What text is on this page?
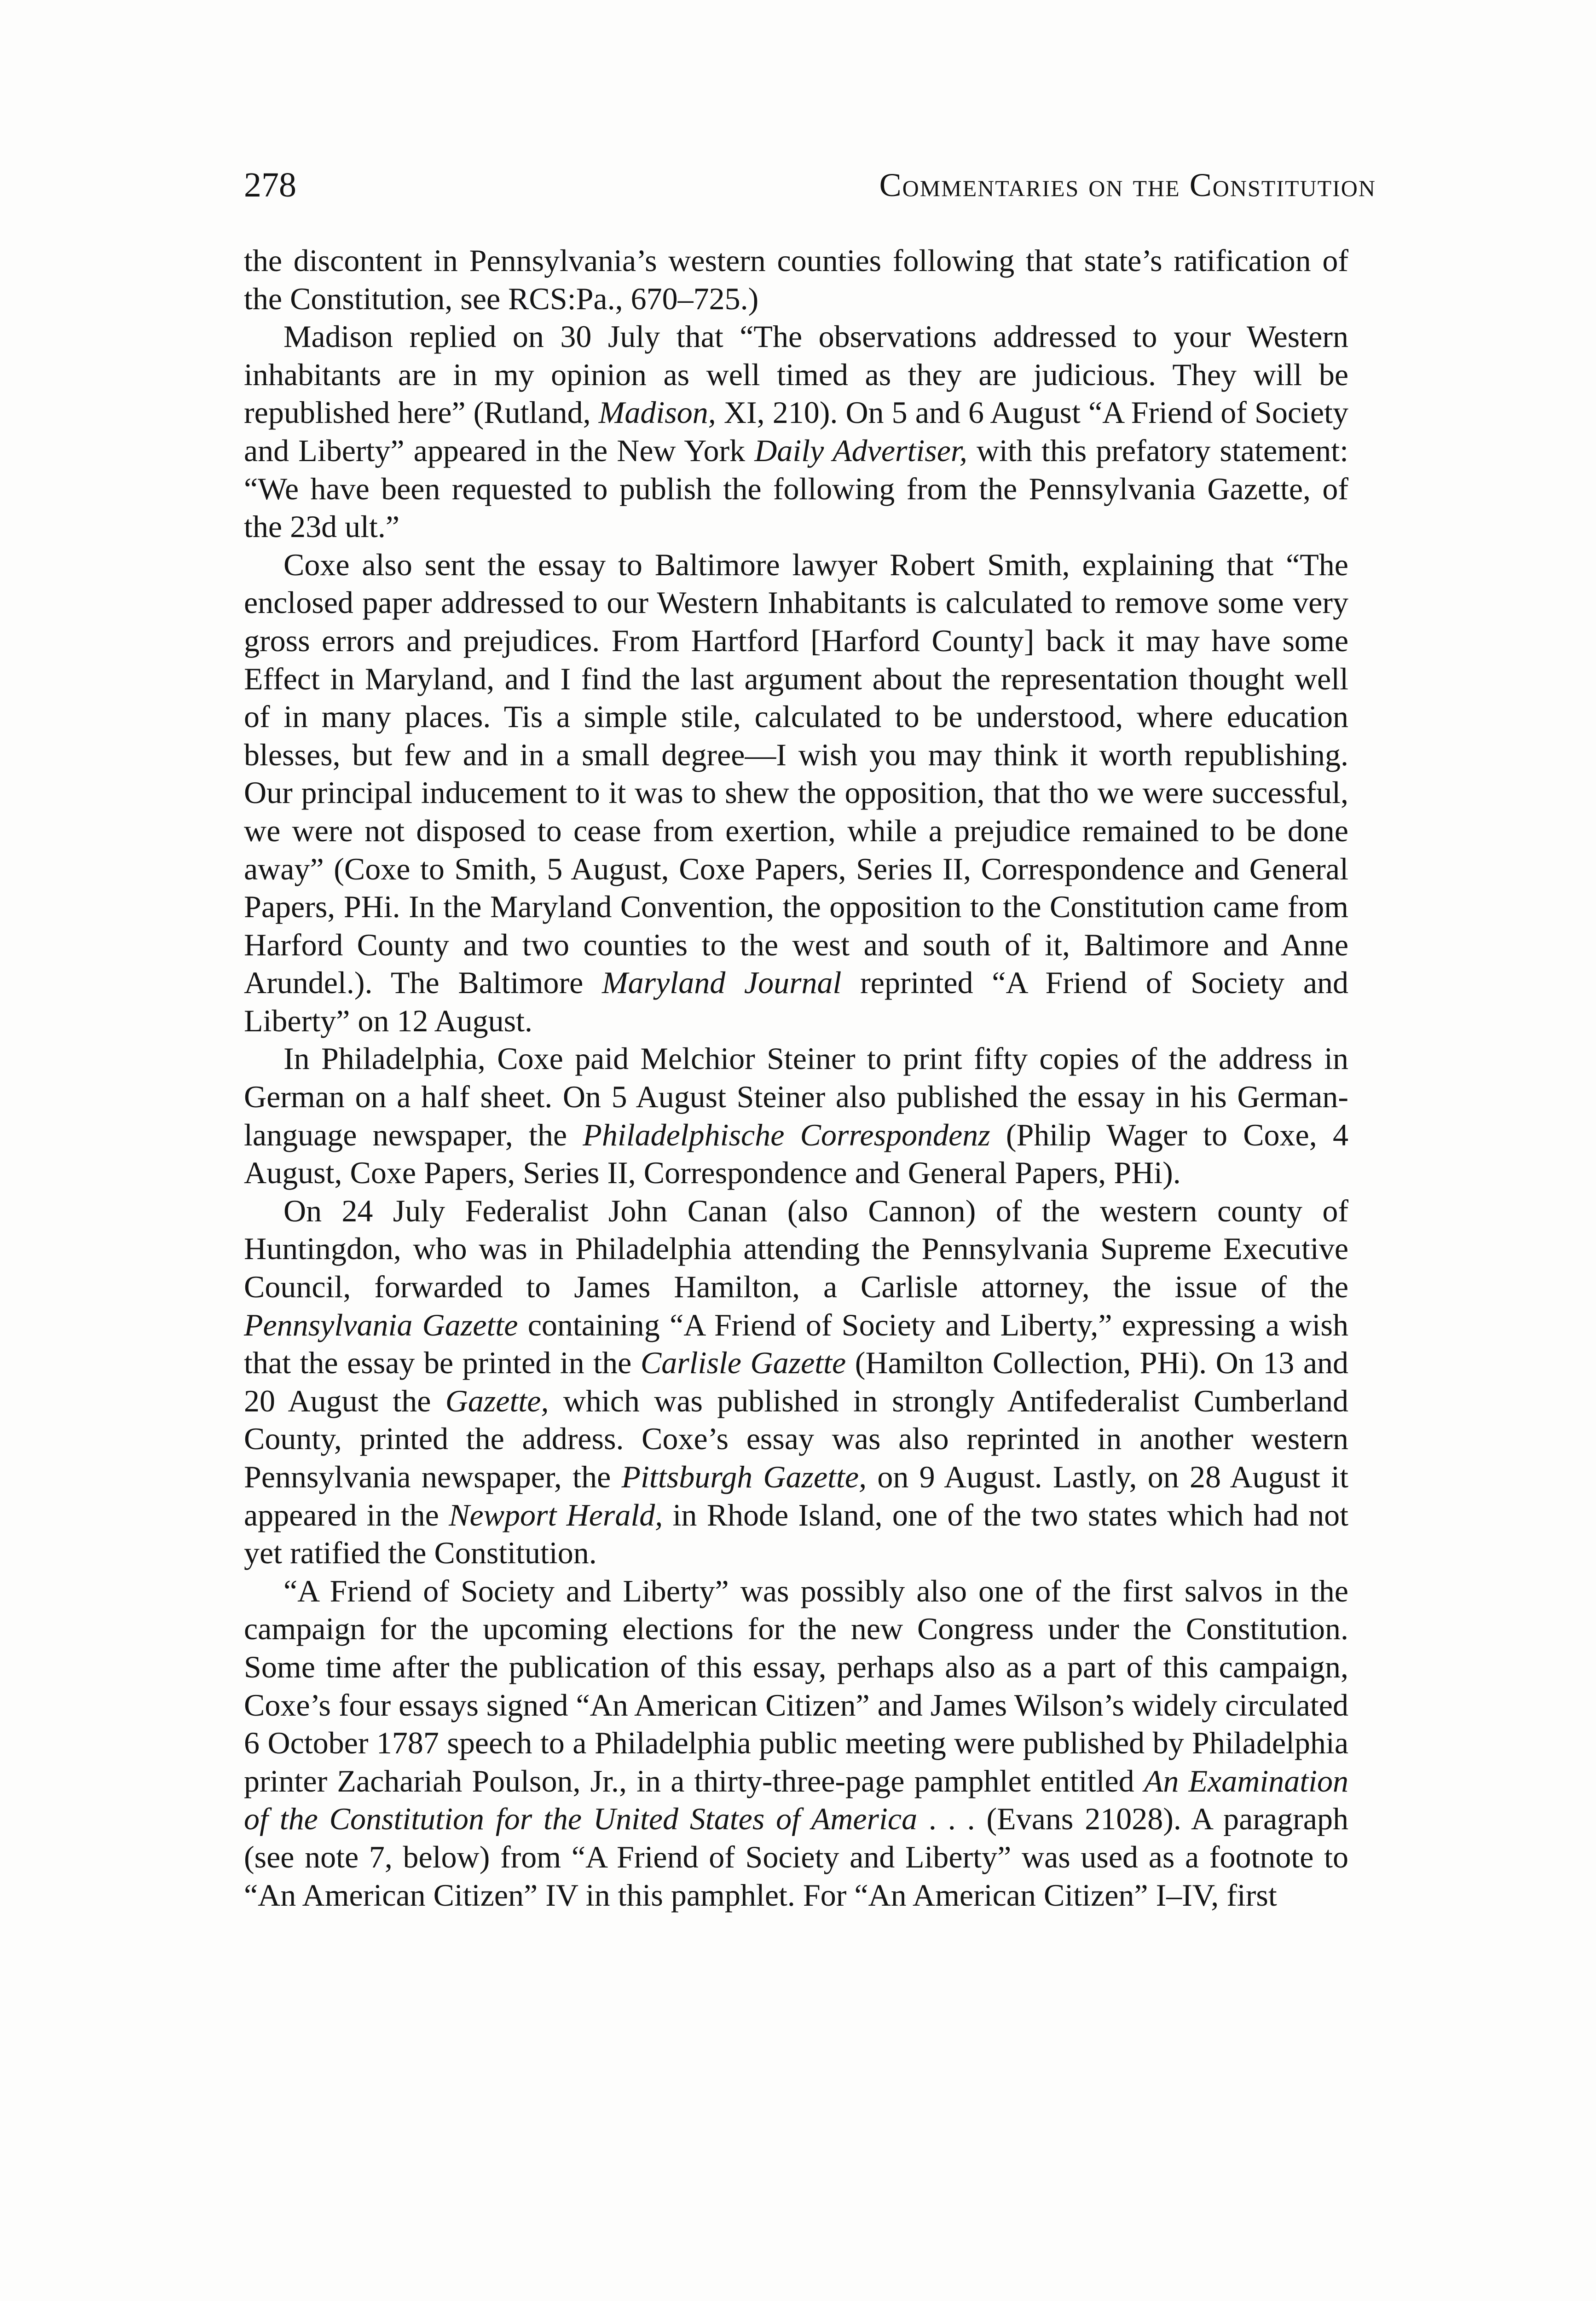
278	Commentaries on the Constitution

the discontent in Pennsylvania’s western counties following that state’s ratification of the Constitution, see RCS:Pa., 670–725.)

Madison replied on 30 July that “The observations addressed to your Western inhabitants are in my opinion as well timed as they are judicious. They will be republished here” (Rutland, Madison, XI, 210). On 5 and 6 August “A Friend of Society and Liberty” appeared in the New York Daily Advertiser, with this prefatory statement: “We have been requested to publish the following from the Pennsylvania Gazette, of the 23d ult.”

Coxe also sent the essay to Baltimore lawyer Robert Smith, explaining that “The enclosed paper addressed to our Western Inhabitants is calculated to remove some very gross errors and prejudices. From Hartford [Harford County] back it may have some Effect in Maryland, and I find the last argument about the representation thought well of in many places. Tis a simple stile, calculated to be understood, where education blesses, but few and in a small degree—I wish you may think it worth republishing. Our principal inducement to it was to shew the opposition, that tho we were successful, we were not disposed to cease from exertion, while a prejudice remained to be done away” (Coxe to Smith, 5 August, Coxe Papers, Series II, Correspondence and General Papers, PHi. In the Maryland Convention, the opposition to the Constitution came from Harford County and two counties to the west and south of it, Baltimore and Anne Arundel.). The Baltimore Maryland Journal reprinted “A Friend of Society and Liberty” on 12 August.

In Philadelphia, Coxe paid Melchior Steiner to print fifty copies of the address in German on a half sheet. On 5 August Steiner also published the essay in his German-language newspaper, the Philadelphische Correspondenz (Philip Wager to Coxe, 4 August, Coxe Papers, Series II, Correspondence and General Papers, PHi).

On 24 July Federalist John Canan (also Cannon) of the western county of Huntingdon, who was in Philadelphia attending the Pennsylvania Supreme Executive Council, forwarded to James Hamilton, a Carlisle attorney, the issue of the Pennsylvania Gazette containing “A Friend of Society and Liberty,” expressing a wish that the essay be printed in the Carlisle Gazette (Hamilton Collection, PHi). On 13 and 20 August the Gazette, which was published in strongly Antifederalist Cumberland County, printed the address. Coxe’s essay was also reprinted in another western Pennsylvania newspaper, the Pittsburgh Gazette, on 9 August. Lastly, on 28 August it appeared in the Newport Herald, in Rhode Island, one of the two states which had not yet ratified the Constitution.

“A Friend of Society and Liberty” was possibly also one of the first salvos in the campaign for the upcoming elections for the new Congress under the Constitution. Some time after the publication of this essay, perhaps also as a part of this campaign, Coxe’s four essays signed “An American Citizen” and James Wilson’s widely circulated 6 October 1787 speech to a Philadelphia public meeting were published by Philadelphia printer Zachariah Poulson, Jr., in a thirty-three-page pamphlet entitled An Examination of the Constitution for the United States of America . . . (Evans 21028). A paragraph (see note 7, below) from “A Friend of Society and Liberty” was used as a footnote to “An American Citizen” IV in this pamphlet. For “An American Citizen” I–IV, first
